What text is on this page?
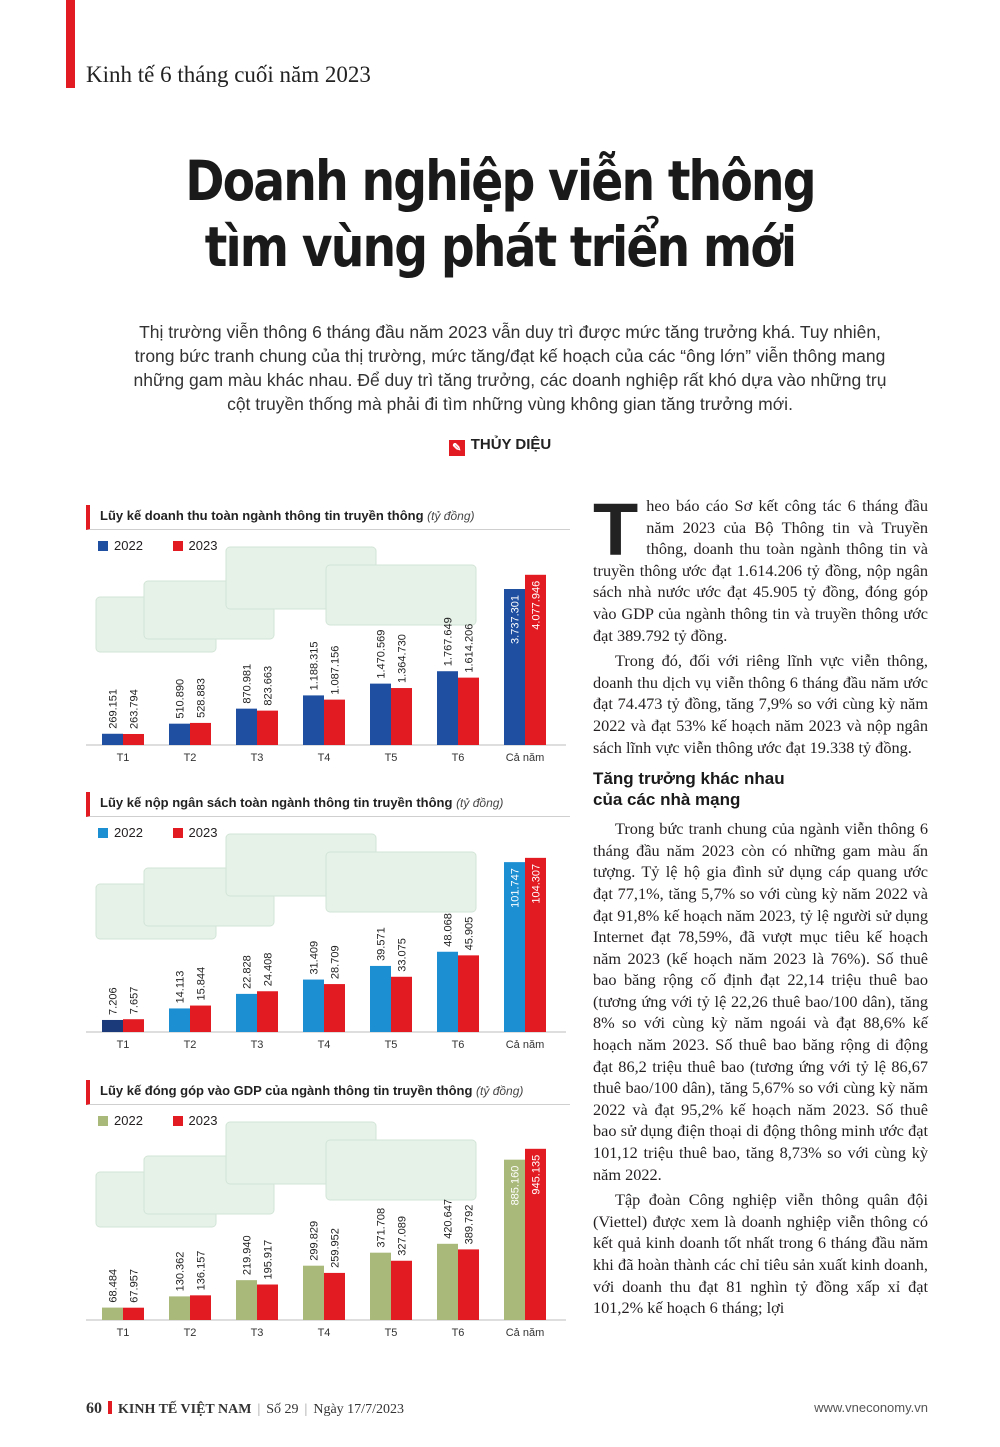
Kinh tế 6 tháng cuối năm 2023
Doanh nghiệp viễn thông
tìm vùng phát triển mới
Thị trường viễn thông 6 tháng đầu năm 2023 vẫn duy trì được mức tăng trưởng khá. Tuy nhiên,
trong bức tranh chung của thị trường, mức tăng/đạt kế hoạch của các “ông lớn” viễn thông mang
những gam màu khác nhau. Để duy trì tăng trưởng, các doanh nghiệp rất khó dựa vào những trụ
cột truyền thống mà phải đi tìm những vùng không gian tăng trưởng mới.
✎ THỦY DIỆU
Lũy kế doanh thu toàn ngành thông tin truyền thông (tỷ đồng)
2022	2023
269.151 263.794
T1
510.890 528.883
T2
870.981 823.663
T3
1.188.315 1.087.156
T4
1.470.569 1.364.730
T5
1.767.649 1.614.206
T6
3.737.301 4.077.946
Cả năm
Lũy kế nộp ngân sách toàn ngành thông tin truyền thông (tỷ đồng)
2022	2023
7.206 7.657
T1
14.113 15.844
T2
22.828 24.408
T3
31.409 28.709
T4
39.571 33.075
T5
48.068 45.905
T6
101.747 104.307
Cả năm
Lũy kế đóng góp vào GDP của ngành thông tin truyền thông (tỷ đồng)
2022	2023
68.484 67.957
T1
130.362 136.157
T2
219.940 195.917
T3
299.829 259.952
T4
371.708 327.089
T5
420.647 389.792
T6
885.160 945.135
Cả năm

Theo báo cáo Sơ kết công tác 6 tháng đầu năm 2023 của Bộ Thông tin và Truyền thông, doanh thu toàn ngành thông tin và truyền thông ước đạt 1.614.206 tỷ đồng, nộp ngân sách nhà nước ước đạt 45.905 tỷ đồng, đóng góp vào GDP của ngành thông tin và truyền thông ước đạt 389.792 tỷ đồng.

Trong đó, đối với riêng lĩnh vực viễn thông, doanh thu dịch vụ viễn thông 6 tháng đầu năm ước đạt 74.473 tỷ đồng, tăng 7,9% so với cùng kỳ năm 2022 và đạt 53% kế hoạch năm 2023 và nộp ngân sách lĩnh vực viễn thông ước đạt 19.338 tỷ đồng.

Tăng trưởng khác nhau
của các nhà mạng

Trong bức tranh chung của ngành viễn thông 6 tháng đầu năm 2023 còn có những gam màu ấn tượng. Tỷ lệ hộ gia đình sử dụng cáp quang ước đạt 77,1%, tăng 5,7% so với cùng kỳ năm 2022 và đạt 91,8% kế hoạch năm 2023, tỷ lệ người sử dụng Internet đạt 78,59%, đã vượt mục tiêu kế hoạch năm 2023 (kế hoạch năm 2023 là 76%). Số thuê bao băng rộng cố định đạt 22,14 triệu thuê bao (tương ứng với tỷ lệ 22,26 thuê bao/100 dân), tăng 8% so với cùng kỳ năm ngoái và đạt 88,6% kế hoạch năm 2023. Số thuê bao băng rộng di động đạt 86,2 triệu thuê bao (tương ứng với tỷ lệ 86,67 thuê bao/100 dân), tăng 5,67% so với cùng kỳ năm 2022 và đạt 95,2% kế hoạch năm 2023. Số thuê bao sử dụng điện thoại di động thông minh ước đạt 101,12 triệu thuê bao, tăng 8,73% so với cùng kỳ năm 2022.

Tập đoàn Công nghiệp viễn thông quân đội (Viettel) được xem là doanh nghiệp viễn thông có kết quả kinh doanh tốt nhất trong 6 tháng đầu năm khi đã hoàn thành các chỉ tiêu sản xuất kinh doanh, với doanh thu đạt 81 nghìn tỷ đồng xấp xỉ đạt 101,2% kế hoạch 6 tháng; lợi

60 KINH TẾ VIỆT NAM | Số 29 | Ngày 17/7/2023	www.vneconomy.vn
